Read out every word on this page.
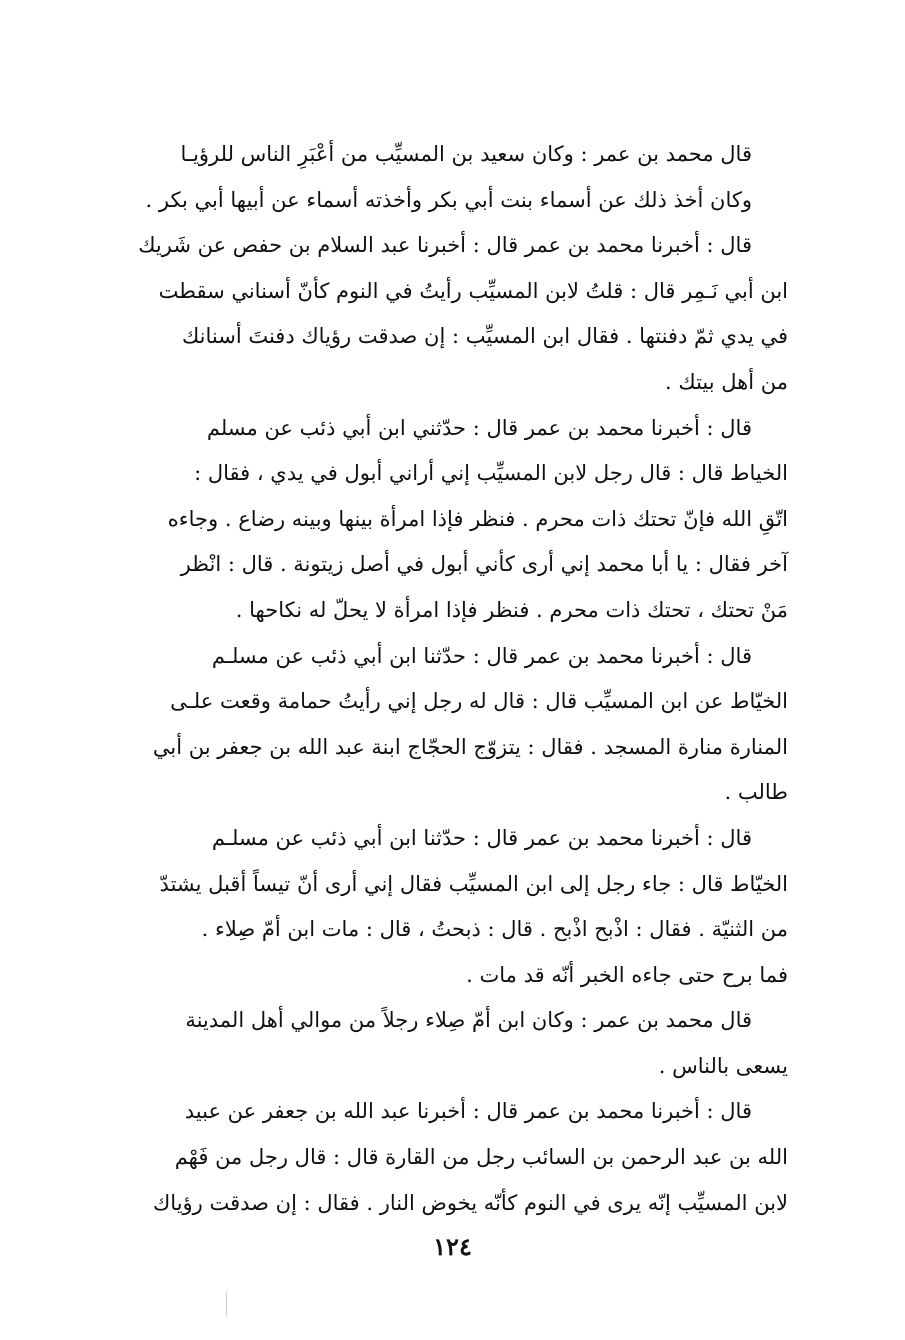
قال محمد بن عمر : وكان سعيد بن المسيِّب من أعْبَرِ الناس للرؤيـا
وكان أخذ ذلك عن أسماء بنت أبي بكر وأخذته أسماء عن أبيها أبي بكر .

قال : أخبرنا محمد بن عمر قال : أخبرنا عبد السلام بن حفص عن شَريك
ابن أبي نَـمِر قال : قلتُ لابن المسيِّب رأيتُ في النوم كأنّ أسناني سقطت
في يدي ثمّ دفنتها . فقال ابن المسيِّب : إن صدقت رؤياك دفنتَ أسنانك
من أهل بيتك .

قال : أخبرنا محمد بن عمر قال : حدّثني ابن أبي ذئب عن مسلم
الخياط قال : قال رجل لابن المسيِّب إني أراني أبول في يدي ، فقال :
اتّقِ الله فإنّ تحتك ذات محرم . فنظر فإذا امرأة بينها وبينه رضاع . وجاءه
آخر فقال : يا أبا محمد إني أرى كأني أبول في أصل زيتونة . قال : انْظر
مَنْ تحتك ، تحتك ذات محرم . فنظر فإذا امرأة لا يحلّ له نكاحها .

قال : أخبرنا محمد بن عمر قال : حدّثنا ابن أبي ذئب عن مسلـم
الخيّاط عن ابن المسيِّب قال : قال له رجل إني رأيتُ حمامة وقعت علـى
المنارة منارة المسجد . فقال : يتزوّج الحجّاج ابنة عبد الله بن جعفر بن أبي
طالب .

قال : أخبرنا محمد بن عمر قال : حدّثنا ابن أبي ذئب عن مسلـم
الخيّاط قال : جاء رجل إلى ابن المسيِّب فقال إني أرى أنّ تيساً أقبل يشتدّ
من الثنيّة . فقال : اذْبح اذْبح . قال : ذبحتُ ، قال : مات ابن أمّ صِلاء .
فما برح حتى جاءه الخبر أنّه قد مات .

قال محمد بن عمر : وكان ابن أمّ صِلاء رجلاً من موالي أهل المدينة
يسعى بالناس .

قال : أخبرنا محمد بن عمر قال : أخبرنا عبد الله بن جعفر عن عبيد
الله بن عبد الرحمن بن السائب رجل من القارة قال : قال رجل من فَهْم
لابن المسيِّب إنّه يرى في النوم كأنّه يخوض النار . فقال : إن صدقت رؤياك

١٢٤
